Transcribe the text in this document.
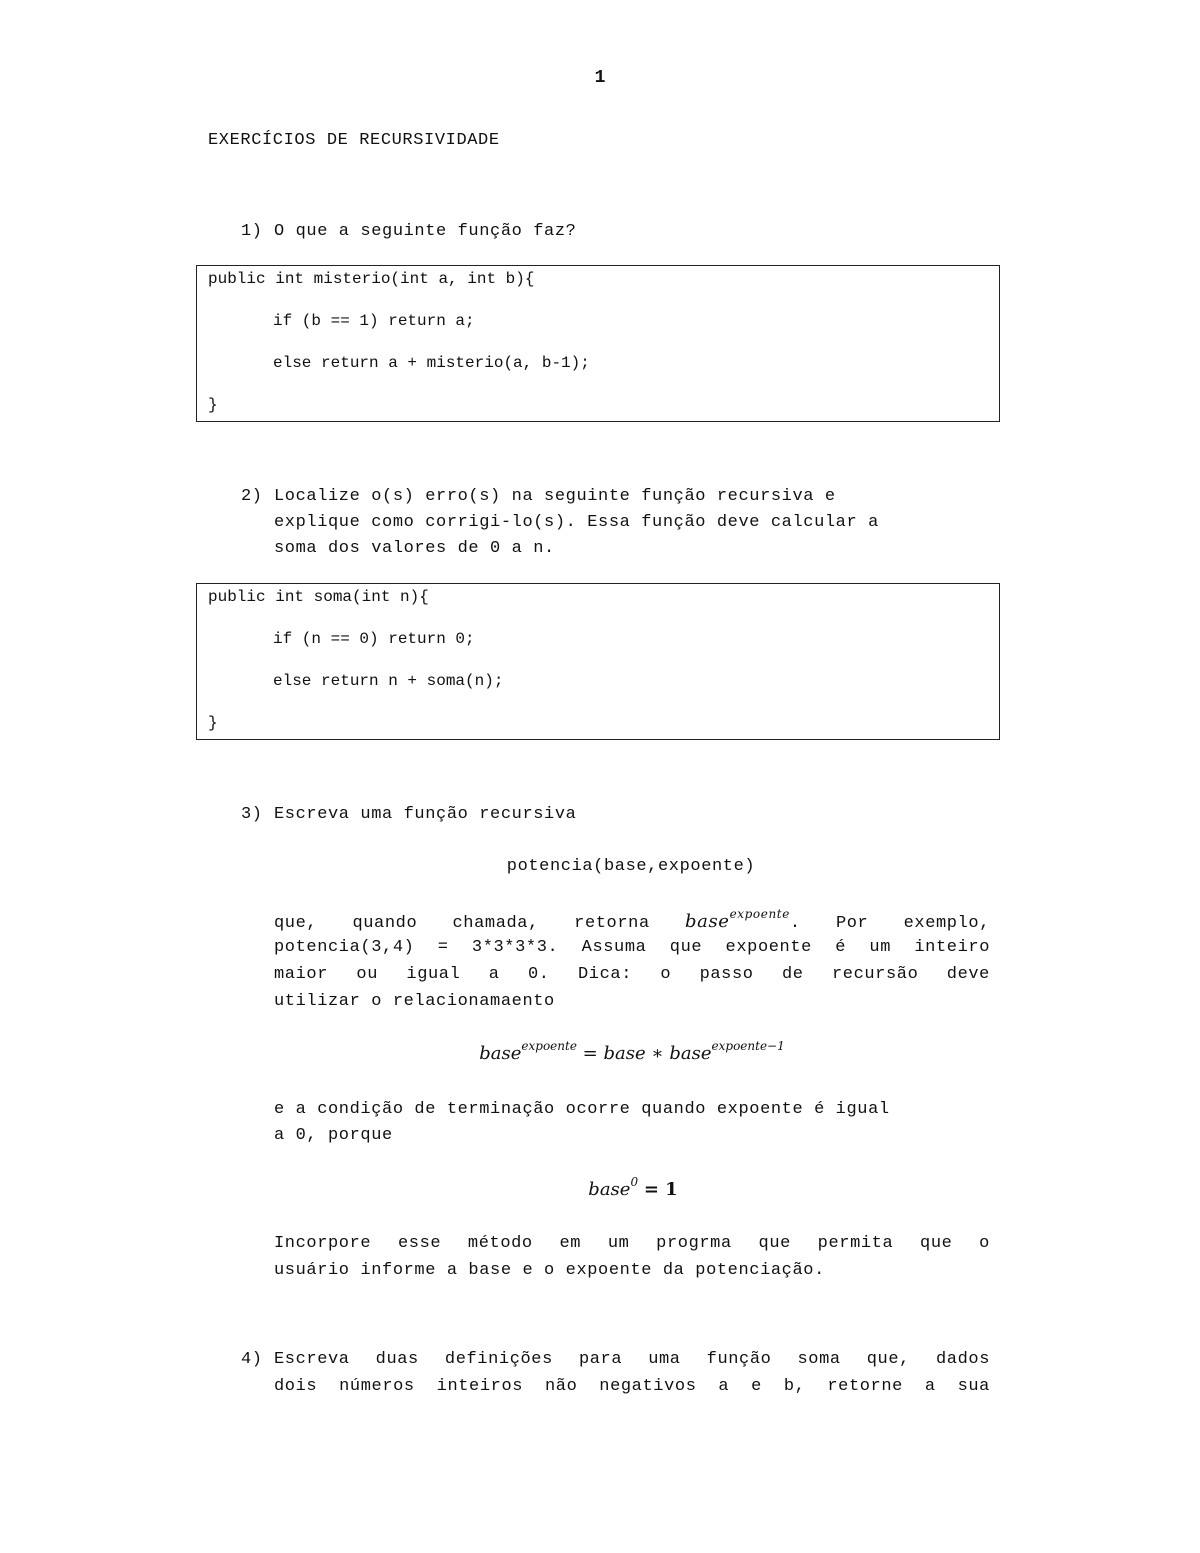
1
EXERCÍCIOS DE RECURSIVIDADE
1) O que a seguinte função faz?
public int misterio(int a, int b){
if (b == 1) return a;
else return a + misterio(a, b-1);
}
2) Localize o(s) erro(s) na seguinte função recursiva e
explique como corrigi-lo(s). Essa função deve calcular a
soma dos valores de 0 a n.
public int soma(int n){
if (n == 0) return 0;
else return n + soma(n);
}
3) Escreva uma função recursiva
potencia(base,expoente)
que, quando chamada, retorna base$^{expoente}$. Por exemplo,
potencia(3,4) = 3*3*3*3. Assuma que expoente é um inteiro
maior ou igual a 0. Dica: o passo de recursão deve
utilizar o relacionamaento
base$^{expoente}$ = base ∗ base$^{expoente-1}$
e a condição de terminação ocorre quando expoente é igual
a 0, porque
base$^0$ = 1
Incorpore esse método em um progrma que permita que o
usuário informe a base e o expoente da potenciação.
4) Escreva duas definições para uma função soma que, dados
dois números inteiros não negativos a e b, retorne a sua
